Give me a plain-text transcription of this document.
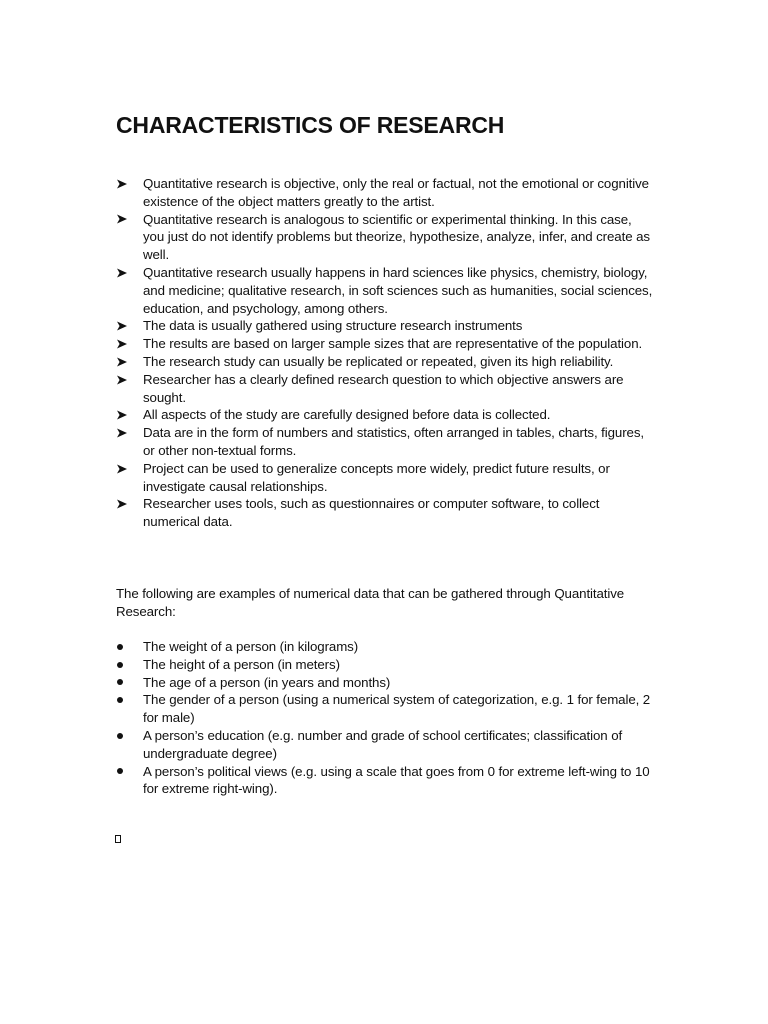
CHARACTERISTICS OF RESEARCH
Quantitative research is objective, only the real or factual, not the emotional or cognitive existence of the object matters greatly to the artist.
Quantitative research is analogous to scientific or experimental thinking. In this case, you just do not identify problems but theorize, hypothesize, analyze, infer, and create as well.
Quantitative research usually happens in hard sciences like physics, chemistry, biology, and medicine; qualitative research, in soft sciences such as humanities, social sciences, education, and psychology, among others.
The data is usually gathered using structure research instruments
The results are based on larger sample sizes that are representative of the population.
The research study can usually be replicated or repeated, given its high reliability.
Researcher has a clearly defined research question to which objective answers are sought.
All aspects of the study are carefully designed before data is collected.
Data are in the form of numbers and statistics, often arranged in tables, charts, figures, or other non-textual forms.
Project can be used to generalize concepts more widely, predict future results, or investigate causal relationships.
Researcher uses tools, such as questionnaires or computer software, to collect numerical data.

The following are examples of numerical data that can be gathered through Quantitative Research:

The weight of a person (in kilograms)
The height of a person (in meters)
The age of a person (in years and months)
The gender of a person (using a numerical system of categorization, e.g. 1 for female, 2 for male)
A person’s education (e.g. number and grade of school certificates; classification of undergraduate degree)
A person’s political views (e.g. using a scale that goes from 0 for extreme left-wing to 10 for extreme right-wing).
